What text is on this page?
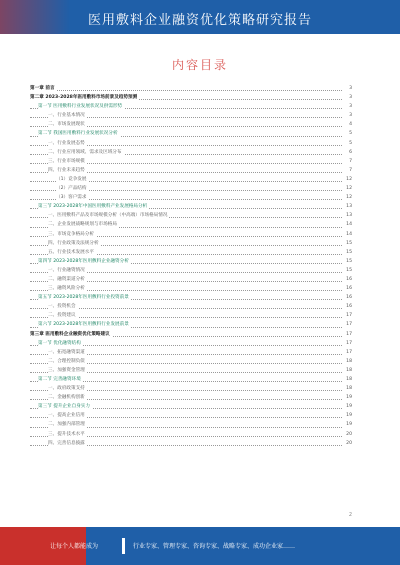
医用敷料企业融资优化策略研究报告
内容目录
第一章 前言	3
第二章 2023-2028年医用敷料市场前景及趋势预测	3
第一节 医用敷料行业发展状况及供需形势	3
一、行业基本情况	3
二、市场发展现状	4
第二节 我国医用敷料行业发展状况分析	5
一、行业发展态势	5
二、行业应用领域、需求及区域分布	6
三、行业市场规模	7
四、行业未来趋势	7
（1）竞争发展	12
（2）产品结构	12
（3）客户需求	12
第三节 2023-2028年中国医用敷料产业发展格局分析	13
一、医用敷料产品及市场规模分析（中高端）市场格局情况	13
二、企业发展战略规划与市场格局	14
三、市场竞争格局分析	14
四、行业政策及法规分析	15
五、行业技术发展水平	15
第四节 2023-2028年医用敷料企业融资分析	15
一、行业融资情况	15
二、融资渠道分析	16
三、融资风险分析	16
第五节 2023-2028年医用敷料行业投资前景	16
一、投资机会	16
二、投资建议	17
第六节 2023-2028年医用敷料行业发展前景	17
第三章 医用敷料企业融资优化策略建议	17
第一节 优化融资结构	17
一、拓宽融资渠道	17
二、合理控制负债	18
三、加强资金管理	18
第二节 完善融资环境	18
一、政府政策支持	18
二、金融机构创新	19
第三节 提升企业自身实力	19
一、提高企业信用	19
二、加强内部管理	19
三、提升技术水平	20
四、完善信息披露	20
2
让每个人都能成为	行业专家、管理专家、咨询专家、战略专家、成功企业家……
